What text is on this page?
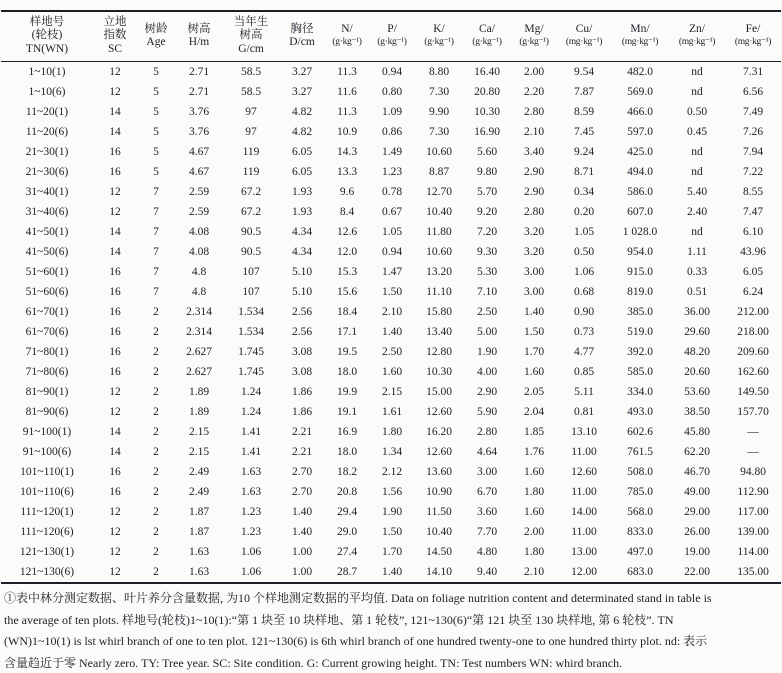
样地号
(轮枝)
TN(WN)

立地
指数
SC

树龄
Age

树高
H/m

当年生
树高
G/cm

胸径
D/cm

N/
(g·kg⁻¹)

P/
(g·kg⁻¹)

K/
(g·kg⁻¹)

Ca/
(g·kg⁻¹)

Mg/
(g·kg⁻¹)

Cu/
(mg·kg⁻¹)

Mn/
(mg·kg⁻¹)

Zn/
(mg·kg⁻¹)

Fe/
(mg·kg⁻¹)

1~10(1)	12	5	2.71	58.5	3.27	11.3	0.94	8.80	16.40	2.00	9.54	482.0	nd	7.31
1~10(6)	12	5	2.71	58.5	3.27	11.6	0.80	7.30	20.80	2.20	7.87	569.0	nd	6.56
11~20(1)	14	5	3.76	97	4.82	11.3	1.09	9.90	10.30	2.80	8.59	466.0	0.50	7.49
11~20(6)	14	5	3.76	97	4.82	10.9	0.86	7.30	16.90	2.10	7.45	597.0	0.45	7.26
21~30(1)	16	5	4.67	119	6.05	14.3	1.49	10.60	5.60	3.40	9.24	425.0	nd	7.94
21~30(6)	16	5	4.67	119	6.05	13.3	1.23	8.87	9.80	2.90	8.71	494.0	nd	7.22
31~40(1)	12	7	2.59	67.2	1.93	9.6	0.78	12.70	5.70	2.90	0.34	586.0	5.40	8.55
31~40(6)	12	7	2.59	67.2	1.93	8.4	0.67	10.40	9.20	2.80	0.20	607.0	2.40	7.47
41~50(1)	14	7	4.08	90.5	4.34	12.6	1.05	11.80	7.20	3.20	1.05	1 028.0	nd	6.10
41~50(6)	14	7	4.08	90.5	4.34	12.0	0.94	10.60	9.30	3.20	0.50	954.0	1.11	43.96
51~60(1)	16	7	4.8	107	5.10	15.3	1.47	13.20	5.30	3.00	1.06	915.0	0.33	6.05
51~60(6)	16	7	4.8	107	5.10	15.6	1.50	11.10	7.10	3.00	0.68	819.0	0.51	6.24
61~70(1)	16	2	2.314	1.534	2.56	18.4	2.10	15.80	2.50	1.40	0.90	385.0	36.00	212.00
61~70(6)	16	2	2.314	1.534	2.56	17.1	1.40	13.40	5.00	1.50	0.73	519.0	29.60	218.00
71~80(1)	16	2	2.627	1.745	3.08	19.5	2.50	12.80	1.90	1.70	4.77	392.0	48.20	209.60
71~80(6)	16	2	2.627	1.745	3.08	18.0	1.60	10.30	4.00	1.60	0.85	585.0	20.60	162.60
81~90(1)	12	2	1.89	1.24	1.86	19.9	2.15	15.00	2.90	2.05	5.11	334.0	53.60	149.50
81~90(6)	12	2	1.89	1.24	1.86	19.1	1.61	12.60	5.90	2.04	0.81	493.0	38.50	157.70
91~100(1)	14	2	2.15	1.41	2.21	16.9	1.80	16.20	2.80	1.85	13.10	602.6	45.80	—
91~100(6)	14	2	2.15	1.41	2.21	18.0	1.34	12.60	4.64	1.76	11.00	761.5	62.20	—
101~110(1)	16	2	2.49	1.63	2.70	18.2	2.12	13.60	3.00	1.60	12.60	508.0	46.70	94.80
101~110(6)	16	2	2.49	1.63	2.70	20.8	1.56	10.90	6.70	1.80	11.00	785.0	49.00	112.90
111~120(1)	12	2	1.87	1.23	1.40	29.4	1.90	11.50	3.60	1.60	14.00	568.0	29.00	117.00
111~120(6)	12	2	1.87	1.23	1.40	29.0	1.50	10.40	7.70	2.00	11.00	833.0	26.00	139.00
121~130(1)	12	2	1.63	1.06	1.00	27.4	1.70	14.50	4.80	1.80	13.00	497.0	19.00	114.00
121~130(6)	12	2	1.63	1.06	1.00	28.7	1.40	14.10	9.40	2.10	12.00	683.0	22.00	135.00
①表中林分测定数据、叶片养分含量数据, 为10 个样地测定数据的平均值. Data on foliage nutrition content and determinated stand in table is
the average of ten plots. 样地号(轮枝)1~10(1):“第 1 块至 10 块样地、第 1 轮枝”, 121~130(6)“第 121 块至 130 块样地, 第 6 轮枝”. TN
(WN)1~10(1) is lst whirl branch of one to ten plot. 121~130(6) is 6th whirl branch of one hundred twenty-one to one hundred thirty plot. nd: 表示
含量趋近于零 Nearly zero. TY: Tree year. SC: Site condition. G: Current growing height. TN: Test numbers WN: whird branch.
